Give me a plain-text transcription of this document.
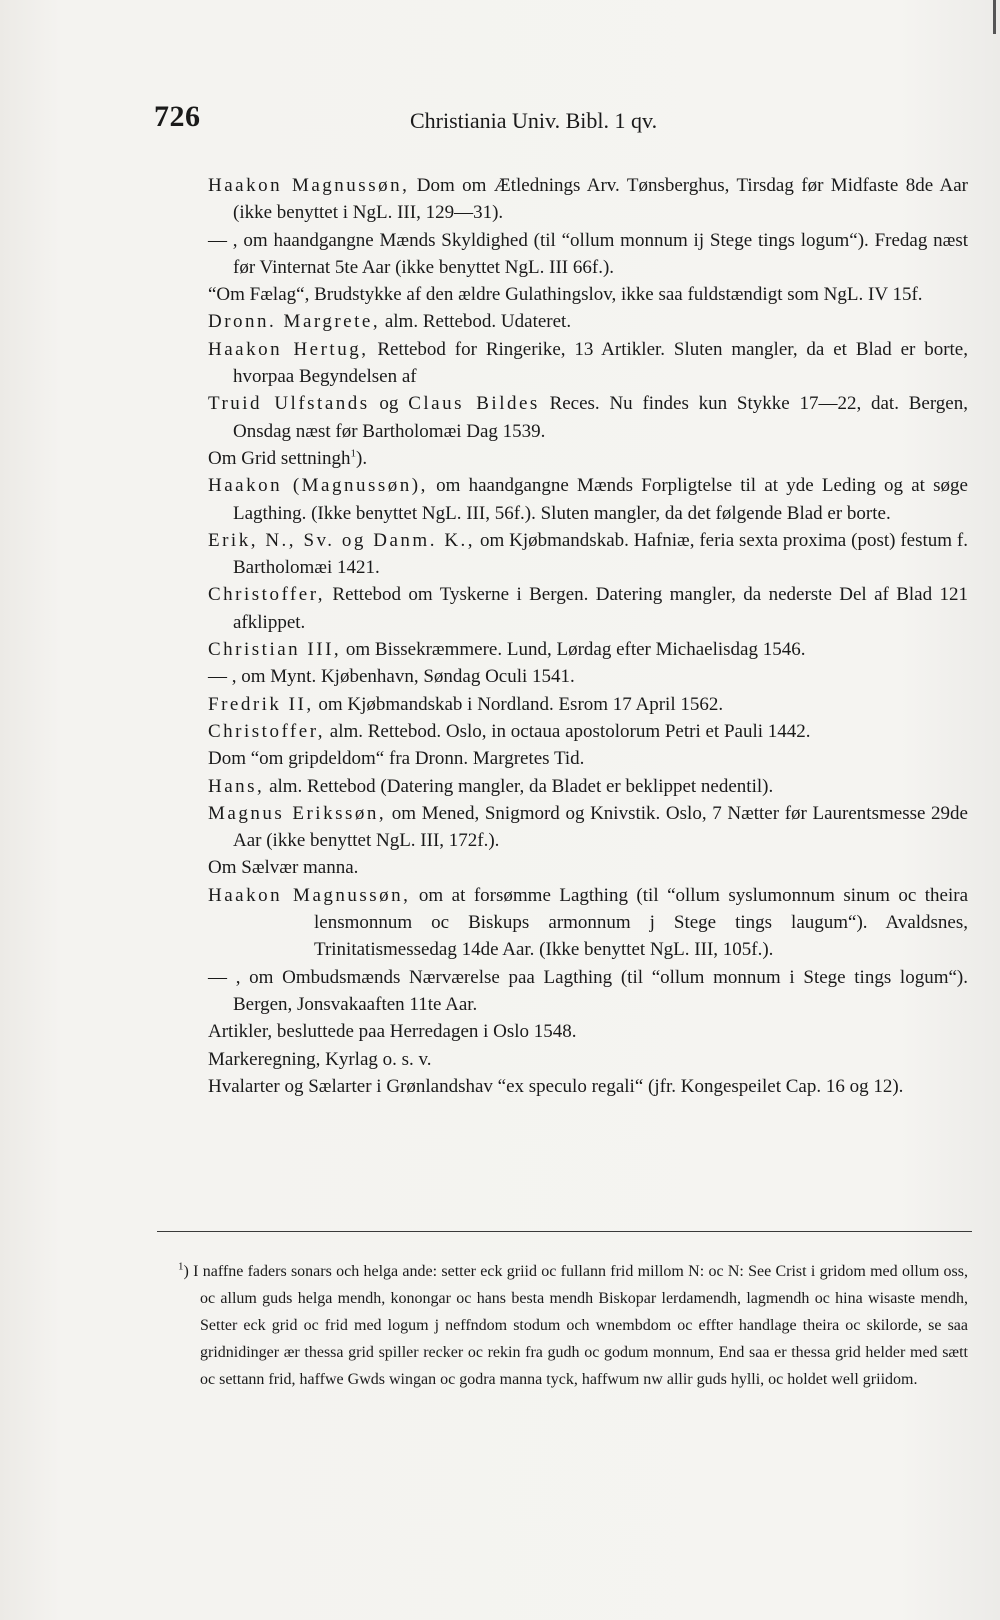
726	Christiania Univ. Bibl. 1 qv.
Haakon Magnussøn, Dom om Ætlednings Arv. Tønsberghus, Tirsdag før Midfaste 8de Aar (ikke benyttet i NgL. III, 129—31).
— , om haandgangne Mænds Skyldighed (til “ollum monnum ij Stege tings logum“). Fredag næst før Vinternat 5te Aar (ikke benyttet NgL. III 66f.).
“Om Fælag“, Brudstykke af den ældre Gulathingslov, ikke saa fuldstændigt som NgL. IV 15f.
Dronn. Margrete, alm. Rettebod. Udateret.
Haakon Hertug, Rettebod for Ringerike, 13 Artikler. Sluten mangler, da et Blad er borte, hvorpaa Begyndelsen af
Truid Ulfstands og Claus Bildes Reces. Nu findes kun Stykke 17—22, dat. Bergen, Onsdag næst før Bartholomæi Dag 1539.
Om Grid settningh$^1$).
Haakon (Magnussøn), om haandgangne Mænds Forpligtelse til at yde Leding og at søge Lagthing. (Ikke benyttet NgL. III, 56f.). Sluten mangler, da det følgende Blad er borte.
Erik, N., Sv. og Danm. K., om Kjøbmandskab. Hafniæ, feria sexta proxima (post) festum f. Bartholomæi 1421.
Christoffer, Rettebod om Tyskerne i Bergen. Datering mangler, da nederste Del af Blad 121 afklippet.
Christian III, om Bissekræmmere. Lund, Lørdag efter Michaelisdag 1546.
— , om Mynt. Kjøbenhavn, Søndag Oculi 1541.
Fredrik II, om Kjøbmandskab i Nordland. Esrom 17 April 1562.
Christoffer, alm. Rettebod. Oslo, in octaua apostolorum Petri et Pauli 1442.
Dom “om gripdeldom“ fra Dronn. Margretes Tid.
Hans, alm. Rettebod (Datering mangler, da Bladet er beklippet nedentil).
Magnus Erikssøn, om Mened, Snigmord og Knivstik. Oslo, 7 Nætter før Laurentsmesse 29de Aar (ikke benyttet NgL. III, 172f.).
Om Sælvær manna.
Haakon Magnussøn, om at forsømme Lagthing (til “ollum syslumonnum sinum oc theira lensmonnum oc Biskups armonnum j Stege tings laugum“). Avaldsnes, Trinitatismessedag 14de Aar. (Ikke benyttet NgL. III, 105f.).
— , om Ombudsmænds Nærværelse paa Lagthing (til “ollum monnum i Stege tings logum“). Bergen, Jonsvakaaften 11te Aar.
Artikler, besluttede paa Herredagen i Oslo 1548.
Markeregning, Kyrlag o. s. v.
Hvalarter og Sælarter i Grønlandshav “ex speculo regali“ (jfr. Kongespeilet Cap. 16 og 12).
$^1$) I naffne faders sonars och helga ande: setter eck griid oc fullann frid millom N: oc N: See Crist i gridom med ollum oss, oc allum guds helga mendh, konongar oc hans besta mendh Biskopar lerdamendh, lagmendh oc hina wisaste mendh, Setter eck grid oc frid med logum j neffndom stodum och wnembdom oc effter handlage theira oc skilorde, se saa gridnidinger ær thessa grid spiller recker oc rekin fra gudh oc godum monnum, End saa er thessa grid helder med sætt oc settann frid, haffwe Gwds wingan oc godra manna tyck, haffwum nw allir guds hylli, oc holdet well griidom.
